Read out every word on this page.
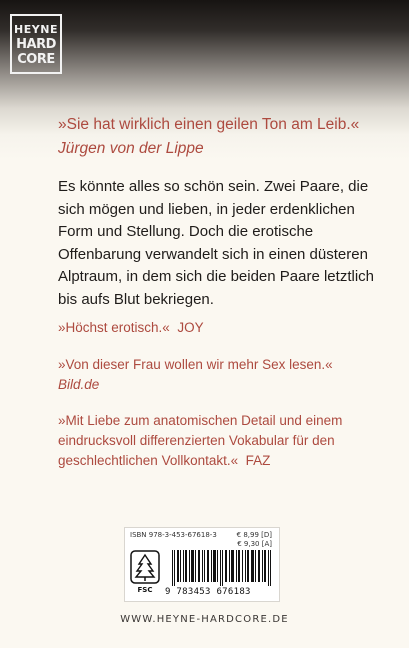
HEYNE
HARD
CORE
»Sie hat wirklich einen geilen Ton am Leib.«  Jürgen von der Lippe
Es könnte alles so schön sein. Zwei Paare, die sich mögen und lieben, in jeder erdenklichen Form und Stellung. Doch die erotische Offenbarung verwandelt sich in einen düsteren Alptraum, in dem sich die beiden Paare letztlich bis aufs Blut bekriegen.
»Höchst erotisch.« JOY
»Von dieser Frau wollen wir mehr Sex lesen.«
Bild.de
»Mit Liebe zum anatomischen Detail und einem eindrucksvoll differenzierten Vokabular für den geschlechtlichen Vollkontakt.« FAZ
ISBN 978-3-453-67618-3	€ 8,99 [D]
€ 9,30 [A]
FSC	9 783453 676183
WWW.HEYNE-HARDCORE.DE
